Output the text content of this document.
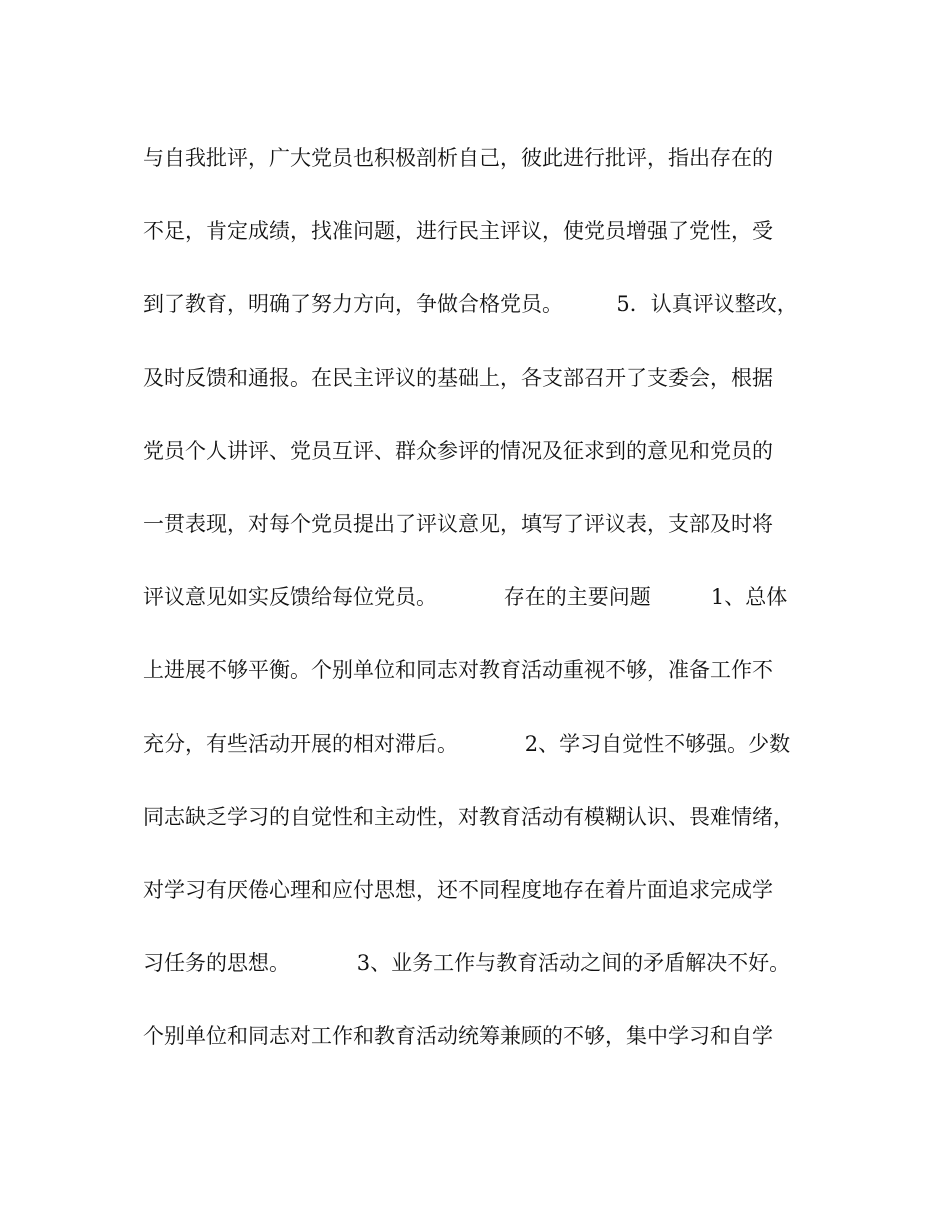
与自我批评，广大党员也积极剖析自己，彼此进行批评，指出存在的
不足，肯定成绩，找准问题，进行民主评议，使党员增强了党性，受
到了教育，明确了努力方向，争做合格党员。        5．认真评议整改，
及时反馈和通报。在民主评议的基础上，各支部召开了支委会，根据
党员个人讲评、党员互评、群众参评的情况及征求到的意见和党员的
一贯表现，对每个党员提出了评议意见，填写了评议表，支部及时将
评议意见如实反馈给每位党员。          存在的主要问题         1、总体
上进展不够平衡。个别单位和同志对教育活动重视不够，准备工作不
充分，有些活动开展的相对滞后。          2、学习自觉性不够强。少数
同志缺乏学习的自觉性和主动性，对教育活动有模糊认识、畏难情绪，
对学习有厌倦心理和应付思想，还不同程度地存在着片面追求完成学
习任务的思想。          3、业务工作与教育活动之间的矛盾解决不好。
个别单位和同志对工作和教育活动统筹兼顾的不够，集中学习和自学
